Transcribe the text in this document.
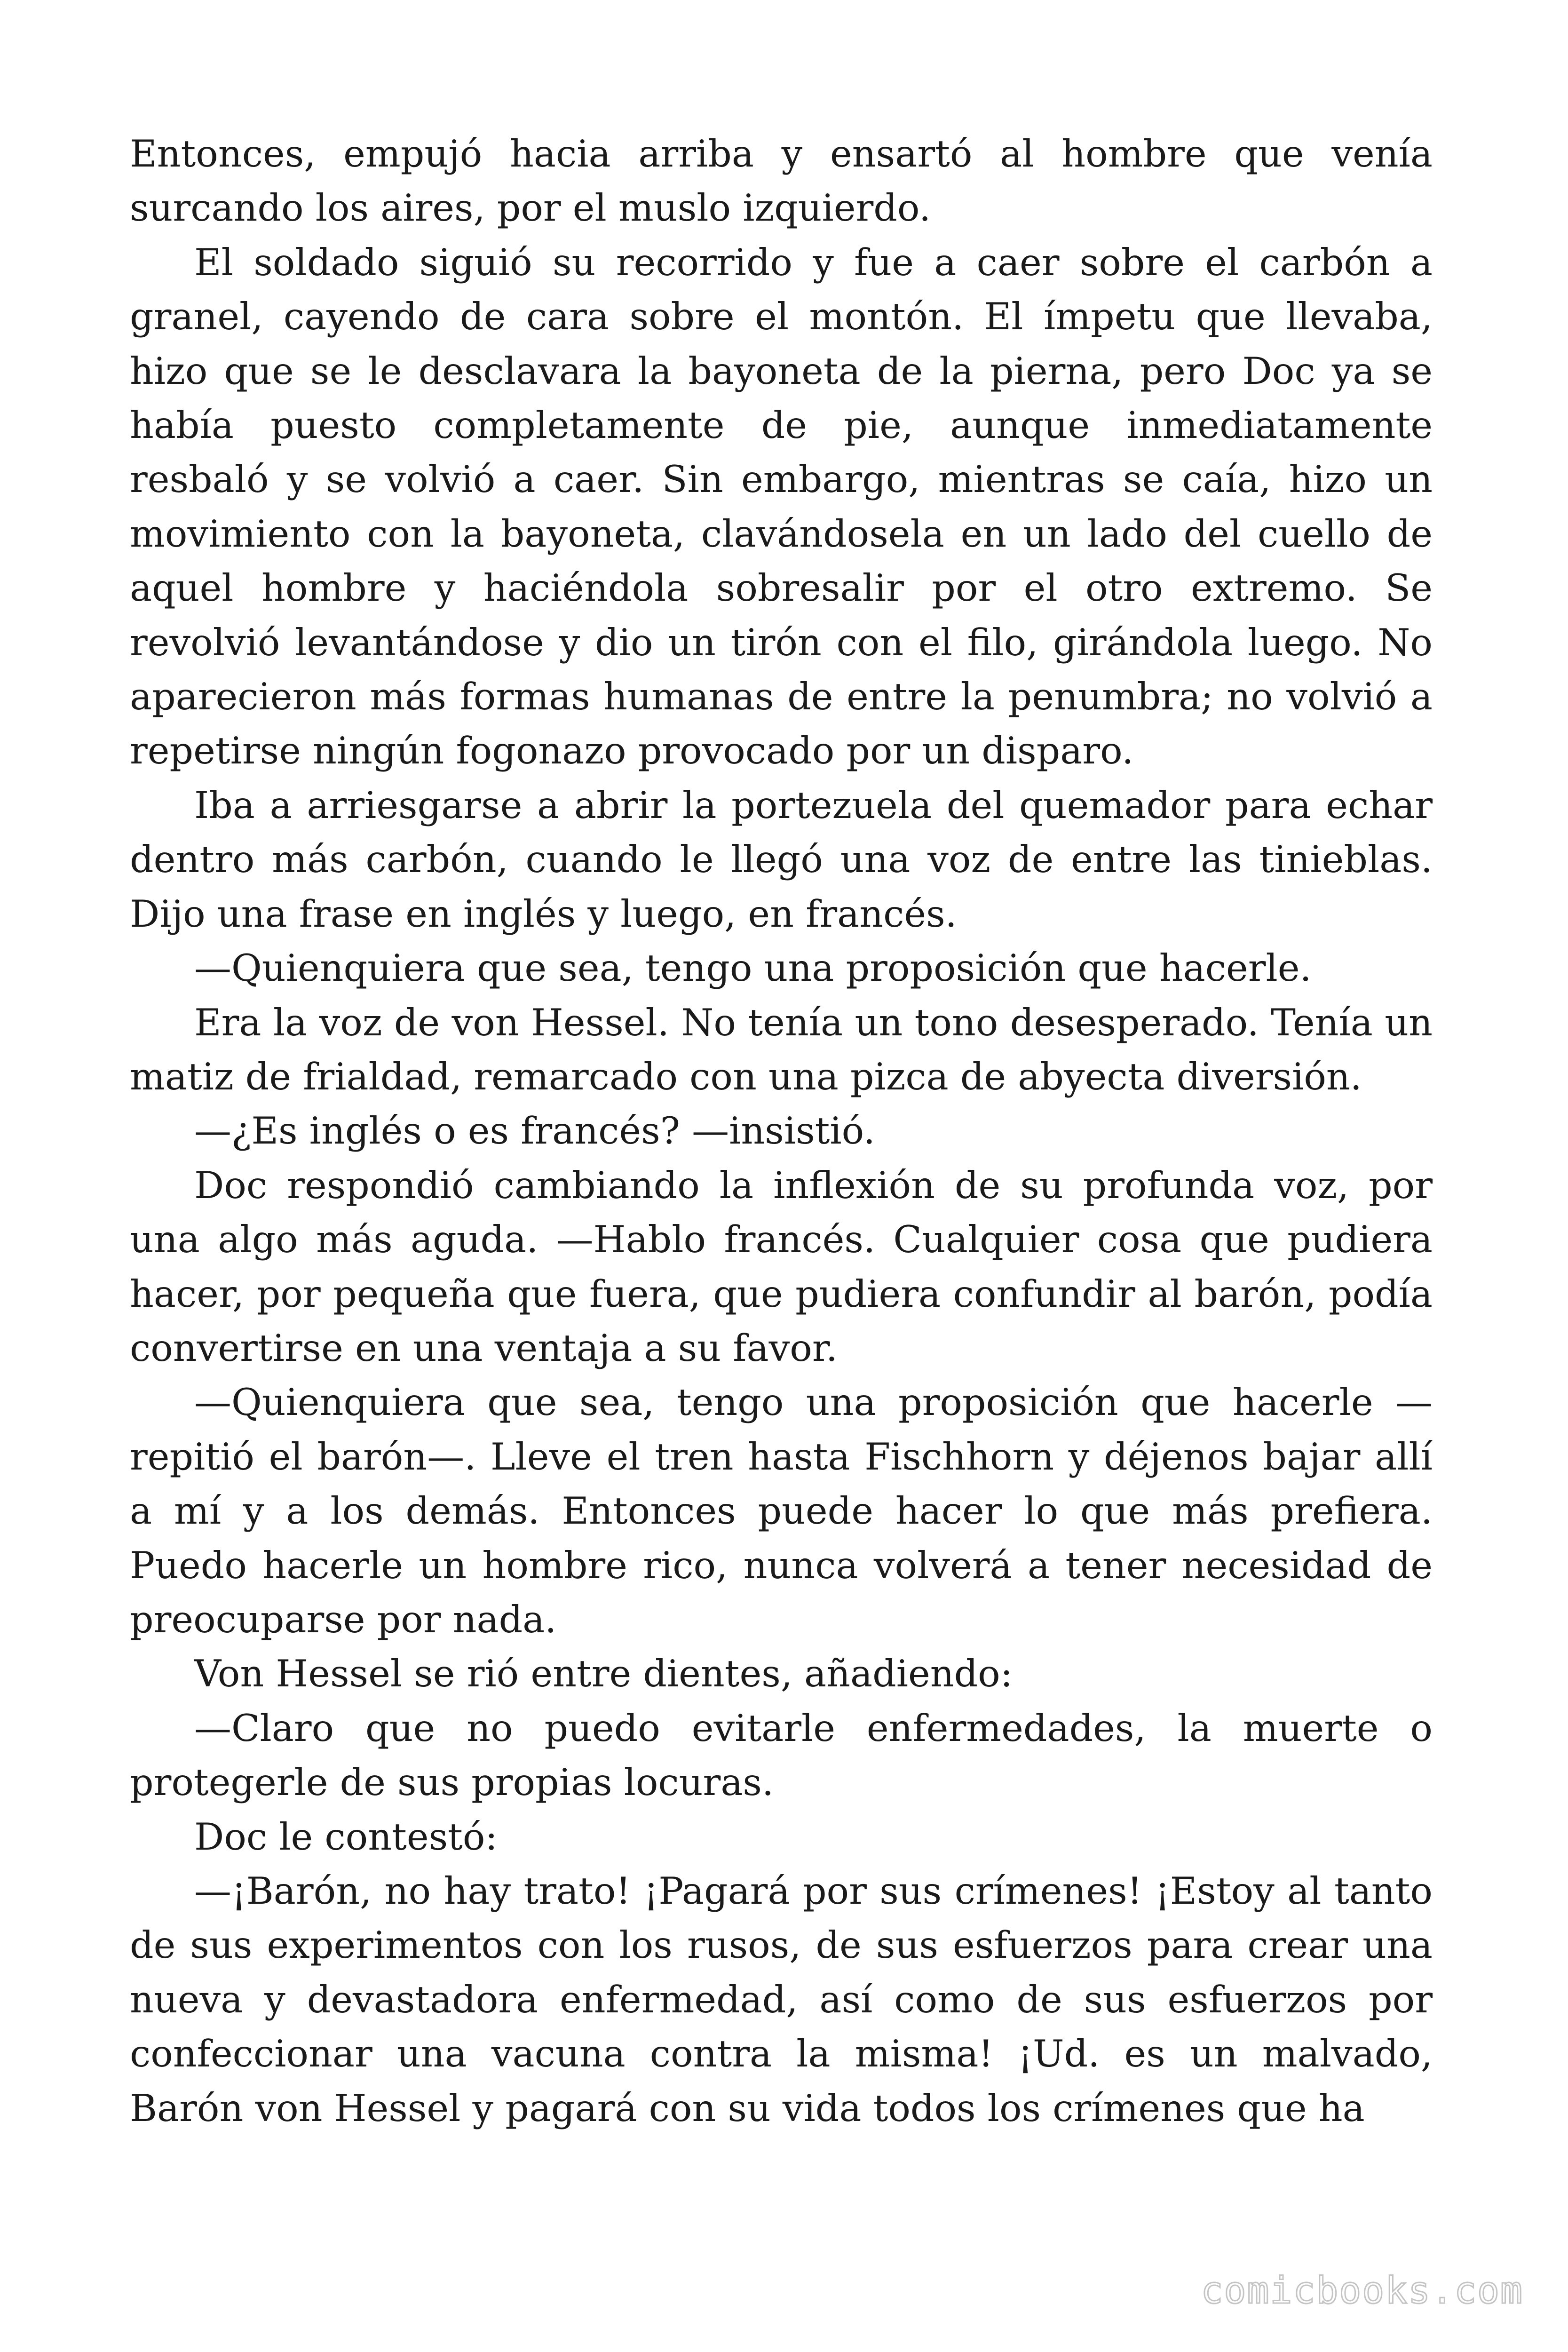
Entonces, empujó hacia arriba y ensartó al hombre que venía surcando los aires, por el muslo izquierdo.

El soldado siguió su recorrido y fue a caer sobre el carbón a granel, cayendo de cara sobre el montón. El ímpetu que llevaba, hizo que se le desclavara la bayoneta de la pierna, pero Doc ya se había puesto completamente de pie, aunque inmediatamente resbaló y se volvió a caer. Sin embargo, mientras se caía, hizo un movimiento con la bayoneta, clavándosela en un lado del cuello de aquel hombre y haciéndola sobresalir por el otro extremo. Se revolvió levantándose y dio un tirón con el filo, girándola luego. No aparecieron más formas humanas de entre la penumbra; no volvió a repetirse ningún fogonazo provocado por un disparo.

Iba a arriesgarse a abrir la portezuela del quemador para echar dentro más carbón, cuando le llegó una voz de entre las tinieblas. Dijo una frase en inglés y luego, en francés.

—Quienquiera que sea, tengo una proposición que hacerle.

Era la voz de von Hessel. No tenía un tono desesperado. Tenía un matiz de frialdad, remarcado con una pizca de abyecta diversión.

—¿Es inglés o es francés? —insistió.

Doc respondió cambiando la inflexión de su profunda voz, por una algo más aguda. —Hablo francés. Cualquier cosa que pudiera hacer, por pequeña que fuera, que pudiera confundir al barón, podía convertirse en una ventaja a su favor.

—Quienquiera que sea, tengo una proposición que hacerle — repitió el barón—. Lleve el tren hasta Fischhorn y déjenos bajar allí a mí y a los demás. Entonces puede hacer lo que más prefiera. Puedo hacerle un hombre rico, nunca volverá a tener necesidad de preocuparse por nada.

Von Hessel se rió entre dientes, añadiendo:

—Claro que no puedo evitarle enfermedades, la muerte o protegerle de sus propias locuras.

Doc le contestó:

—¡Barón, no hay trato! ¡Pagará por sus crímenes! ¡Estoy al tanto de sus experimentos con los rusos, de sus esfuerzos para crear una nueva y devastadora enfermedad, así como de sus esfuerzos por confeccionar una vacuna contra la misma! ¡Ud. es un malvado, Barón von Hessel y pagará con su vida todos los crímenes que ha

comicbooks.com
